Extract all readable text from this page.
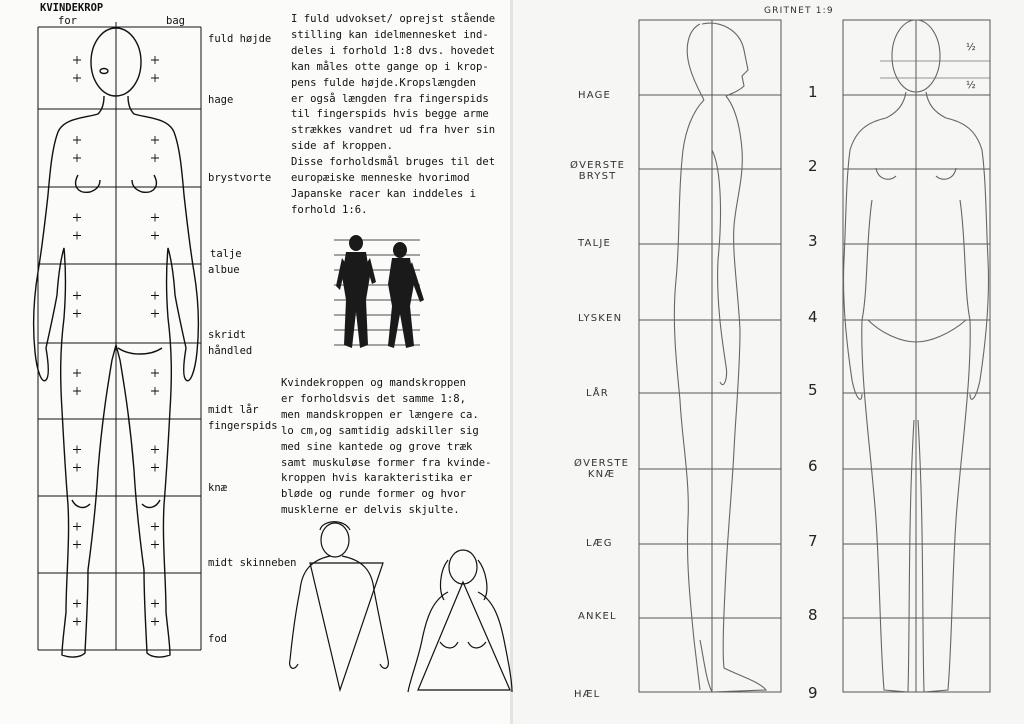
KVINDEKROP
for	bag
fuld højde
hage
brystvorte
talje
albue
skridt
håndled
midt lår
fingerspids
knæ
midt skinneben
fod
I fuld udvokset/ oprejst stående
stilling kan idelmennesket ind-
deles i forhold 1:8 dvs. hovedet
kan måles otte gange op i krop-
pens fulde højde.Kropslængden
er også længden fra fingerspids
til fingerspids hvis begge arme
strækkes vandret ud fra hver sin
side af kroppen.
Disse forholdsmål bruges til det
europæiske menneske hvorimod
Japanske racer kan inddeles i
forhold 1:6.
Kvindekroppen og mandskroppen
er forholdsvis det samme 1:8,
men mandskroppen er længere ca.
lo cm,og samtidig adskiller sig
med sine kantede og grove træk
samt muskuløse former fra kvinde-
kroppen hvis karakteristika er
bløde og runde former og hvor
musklerne er delvis skjulte.
GRITNET 1:9
½
½
HAGE
ØVERSTE
BRYST
TALJE
LYSKEN
LÅR
ØVERSTE
KNÆ
LÆG
ANKEL
HÆL
1
2
3
4
5
6
7
8
9
